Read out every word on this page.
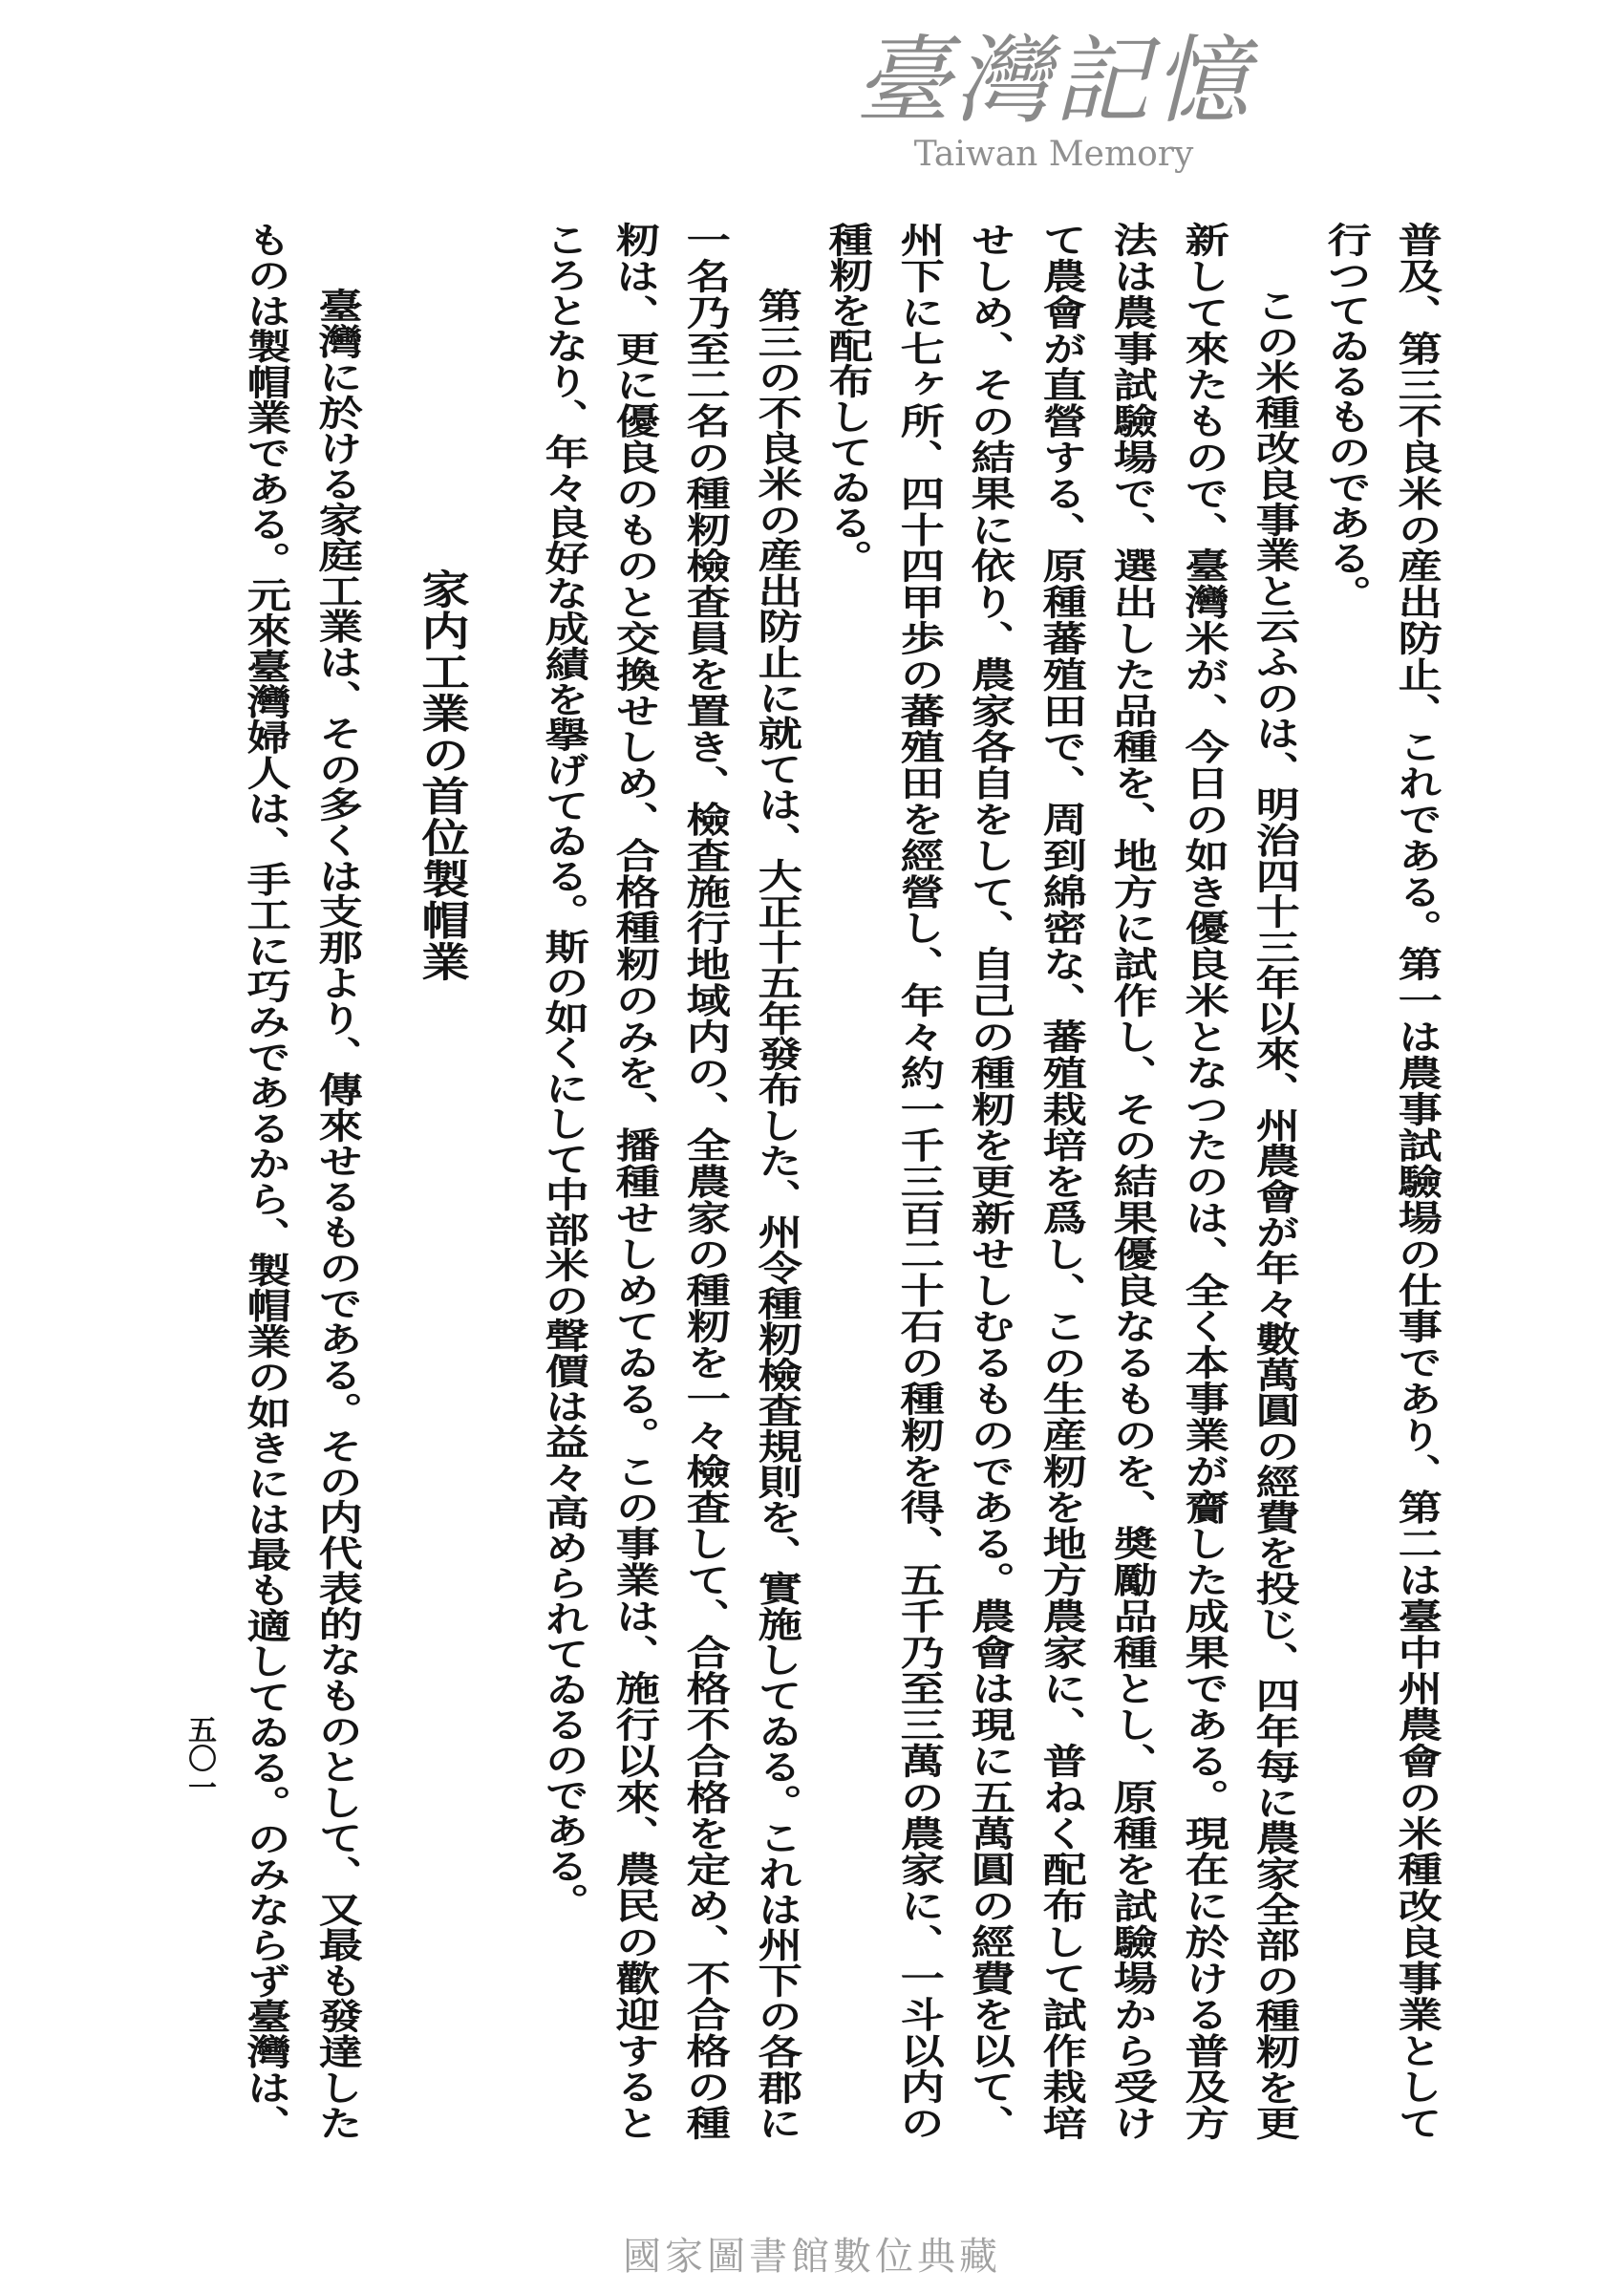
普及、第三不良米の産出防止、これである。第一は農事試驗場の仕事であり、第二は臺中州農會の米種改良事業として
行つてゐるものである。
この米種改良事業と云ふのは、明治四十三年以來、州農會が年々數萬圓の經費を投じ、四年每に農家全部の種籾を更
新して來たもので、臺灣米が、今日の如き優良米となつたのは、全く本事業が齎した成果である。現在に於ける普及方
法は農事試驗場で、選出した品種を、地方に試作し、その結果優良なるものを、奬勵品種とし、原種を試驗場から受け
て農會が直營する、原種蕃殖田で、周到綿密な、蕃殖栽培を爲し、この生産籾を地方農家に、普ねく配布して試作栽培
せしめ、その結果に依り、農家各自をして、自己の種籾を更新せしむるものである。農會は現に五萬圓の經費を以て、
州下に七ヶ所、四十四甲歩の蕃殖田を經營し、年々約一千三百二十石の種籾を得、五千乃至三萬の農家に、一斗以内の
種籾を配布してゐる。
第三の不良米の産出防止に就ては、大正十五年發布した、州令種籾檢査規則を、實施してゐる。これは州下の各郡に
一名乃至二名の種籾檢査員を置き、檢査施行地域内の、全農家の種籾を一々檢査して、合格不合格を定め、不合格の種
籾は、更に優良のものと交換せしめ、合格種籾のみを、播種せしめてゐる。この事業は、施行以來、農民の歡迎すると
ころとなり、年々良好な成績を擧げてゐる。斯の如くにして中部米の聲價は益々高められてゐるのである。
家内工業の首位製帽業
臺灣に於ける家庭工業は、その多くは支那より、傳來せるものである。その内代表的なものとして、又最も發達した
ものは製帽業である。元來臺灣婦人は、手工に巧みであるから、製帽業の如きには最も適してゐる。のみならず臺灣は、
五〇一
臺灣記憶
Taiwan Memory
國家圖書館數位典藏
